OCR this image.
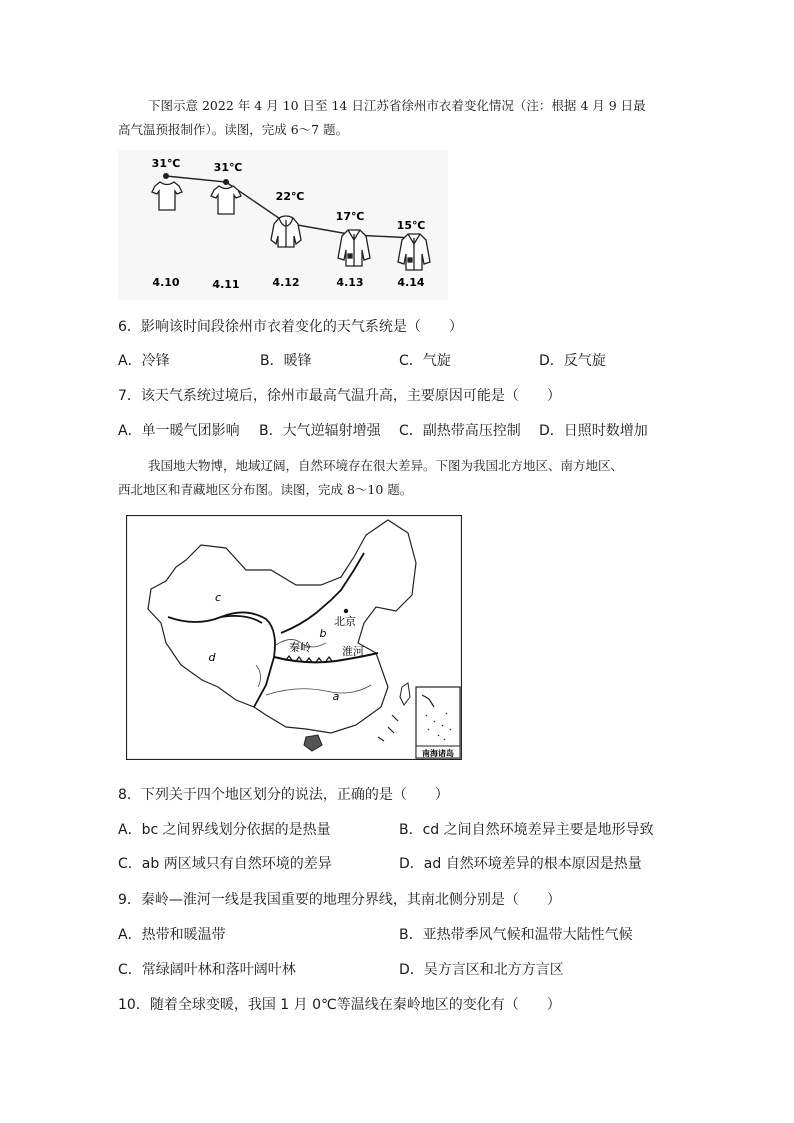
下图示意 2022 年 4 月 10 日至 14 日江苏省徐州市衣着变化情况（注：根据 4 月 9 日最
高气温预报制作）。读图，完成 6～7 题。
31℃	31℃
22℃
17℃
15℃
4.10	4.11	4.12	4.13	4.14
6．影响该时间段徐州市衣着变化的天气系统是（　　）
A．冷锋	B．暖锋	C．气旋	D．反气旋
7．该天气系统过境后，徐州市最高气温升高，主要原因可能是（　　）
A．单一暖气团影响 B．大气逆辐射增强 C．副热带高压控制 D．日照时数增加
我国地大物博，地域辽阔，自然环境存在很大差异。下图为我国北方地区、南方地区、
西北地区和青藏地区分布图。读图，完成 8～10 题。
c
d
b
a
北京
秦岭	淮河
南海诸岛
8．下列关于四个地区划分的说法，正确的是（　　）
A．bc 之间界线划分依据的是热量	B．cd 之间自然环境差异主要是地形导致
C．ab 两区域只有自然环境的差异	D．ad 自然环境差异的根本原因是热量
9．秦岭—淮河一线是我国重要的地理分界线，其南北侧分别是（　　）
A．热带和暖温带	B．亚热带季风气候和温带大陆性气候
C．常绿阔叶林和落叶阔叶林	D．吴方言区和北方方言区
10．随着全球变暖，我国 1 月 0℃等温线在秦岭地区的变化有（　　）
